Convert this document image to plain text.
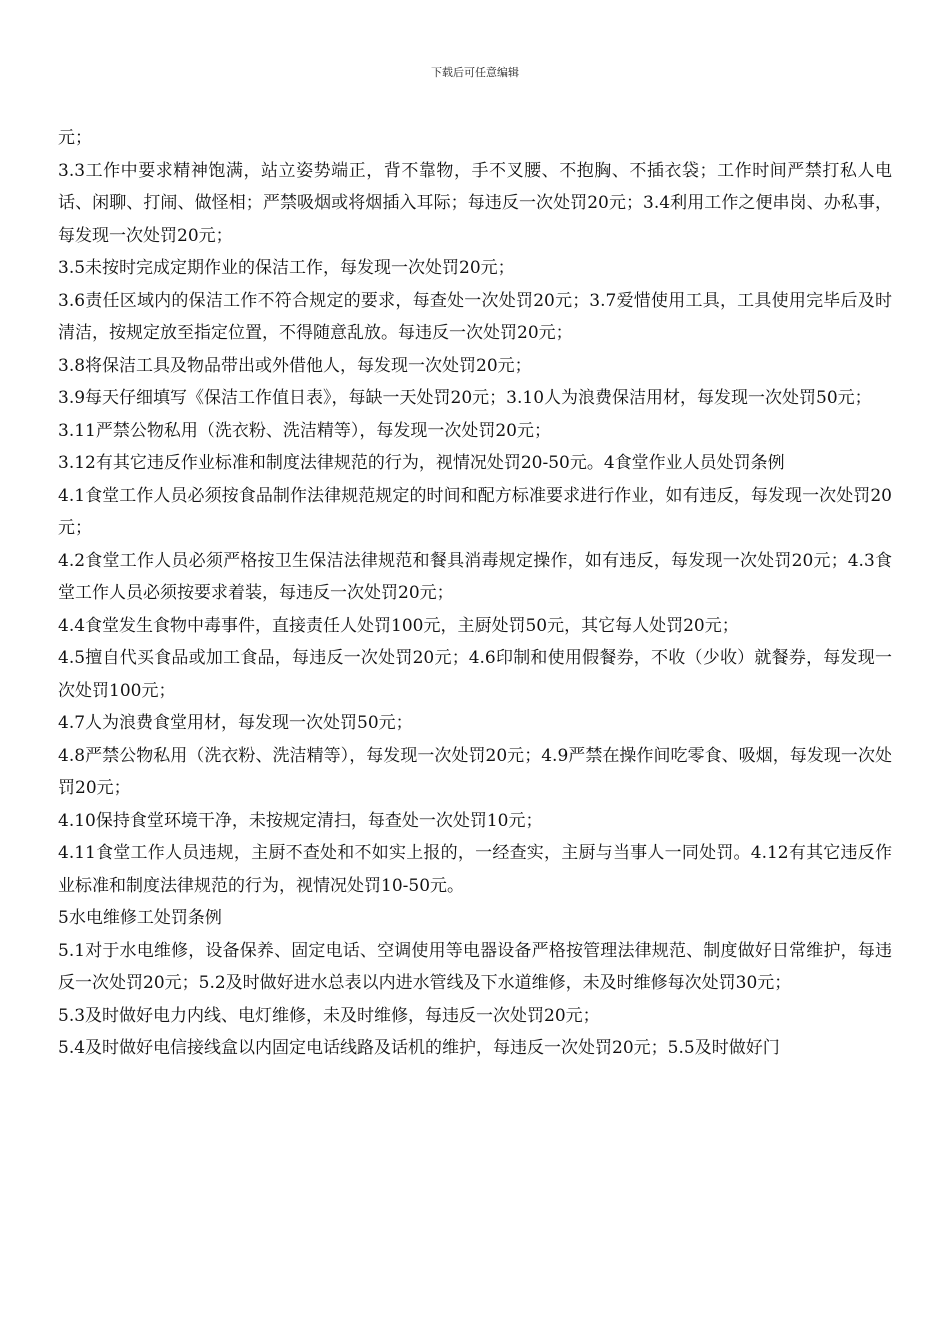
下载后可任意编辑

元；

3.3工作中要求精神饱满，站立姿势端正，背不靠物，手不叉腰、不抱胸、不插衣袋；工作时间严禁打私人电话、闲聊、打闹、做怪相；严禁吸烟或将烟插入耳际；每违反一次处罚20元；3.4利用工作之便串岗、办私事，每发现一次处罚20元；

3.5未按时完成定期作业的保洁工作，每发现一次处罚20元；

3.6责任区域内的保洁工作不符合规定的要求，每查处一次处罚20元；3.7爱惜使用工具，工具使用完毕后及时清洁，按规定放至指定位置，不得随意乱放。每违反一次处罚20元；

3.8将保洁工具及物品带出或外借他人，每发现一次处罚20元；

3.9每天仔细填写《保洁工作值日表》，每缺一天处罚20元；3.10人为浪费保洁用材，每发现一次处罚50元；

3.11严禁公物私用（洗衣粉、洗洁精等），每发现一次处罚20元；

3.12有其它违反作业标准和制度法律规范的行为，视情况处罚20-50元。4食堂作业人员处罚条例

4.1食堂工作人员必须按食品制作法律规范规定的时间和配方标准要求进行作业，如有违反，每发现一次处罚20元；

4.2食堂工作人员必须严格按卫生保洁法律规范和餐具消毒规定操作，如有违反，每发现一次处罚20元；4.3食堂工作人员必须按要求着装，每违反一次处罚20元；

4.4食堂发生食物中毒事件，直接责任人处罚100元，主厨处罚50元，其它每人处罚20元；

4.5擅自代买食品或加工食品，每违反一次处罚20元；4.6印制和使用假餐券，不收（少收）就餐券，每发现一次处罚100元；

4.7人为浪费食堂用材，每发现一次处罚50元；

4.8严禁公物私用（洗衣粉、洗洁精等），每发现一次处罚20元；4.9严禁在操作间吃零食、吸烟，每发现一次处罚20元；

4.10保持食堂环境干净，未按规定清扫，每查处一次处罚10元；

4.11食堂工作人员违规，主厨不查处和不如实上报的，一经查实，主厨与当事人一同处罚。4.12有其它违反作业标准和制度法律规范的行为，视情况处罚10-50元。

5水电维修工处罚条例

5.1对于水电维修，设备保养、固定电话、空调使用等电器设备严格按管理法律规范、制度做好日常维护，每违反一次处罚20元；5.2及时做好进水总表以内进水管线及下水道维修，未及时维修每次处罚30元；

5.3及时做好电力内线、电灯维修，未及时维修，每违反一次处罚20元；

5.4及时做好电信接线盒以内固定电话线路及话机的维护，每违反一次处罚20元；5.5及时做好门
